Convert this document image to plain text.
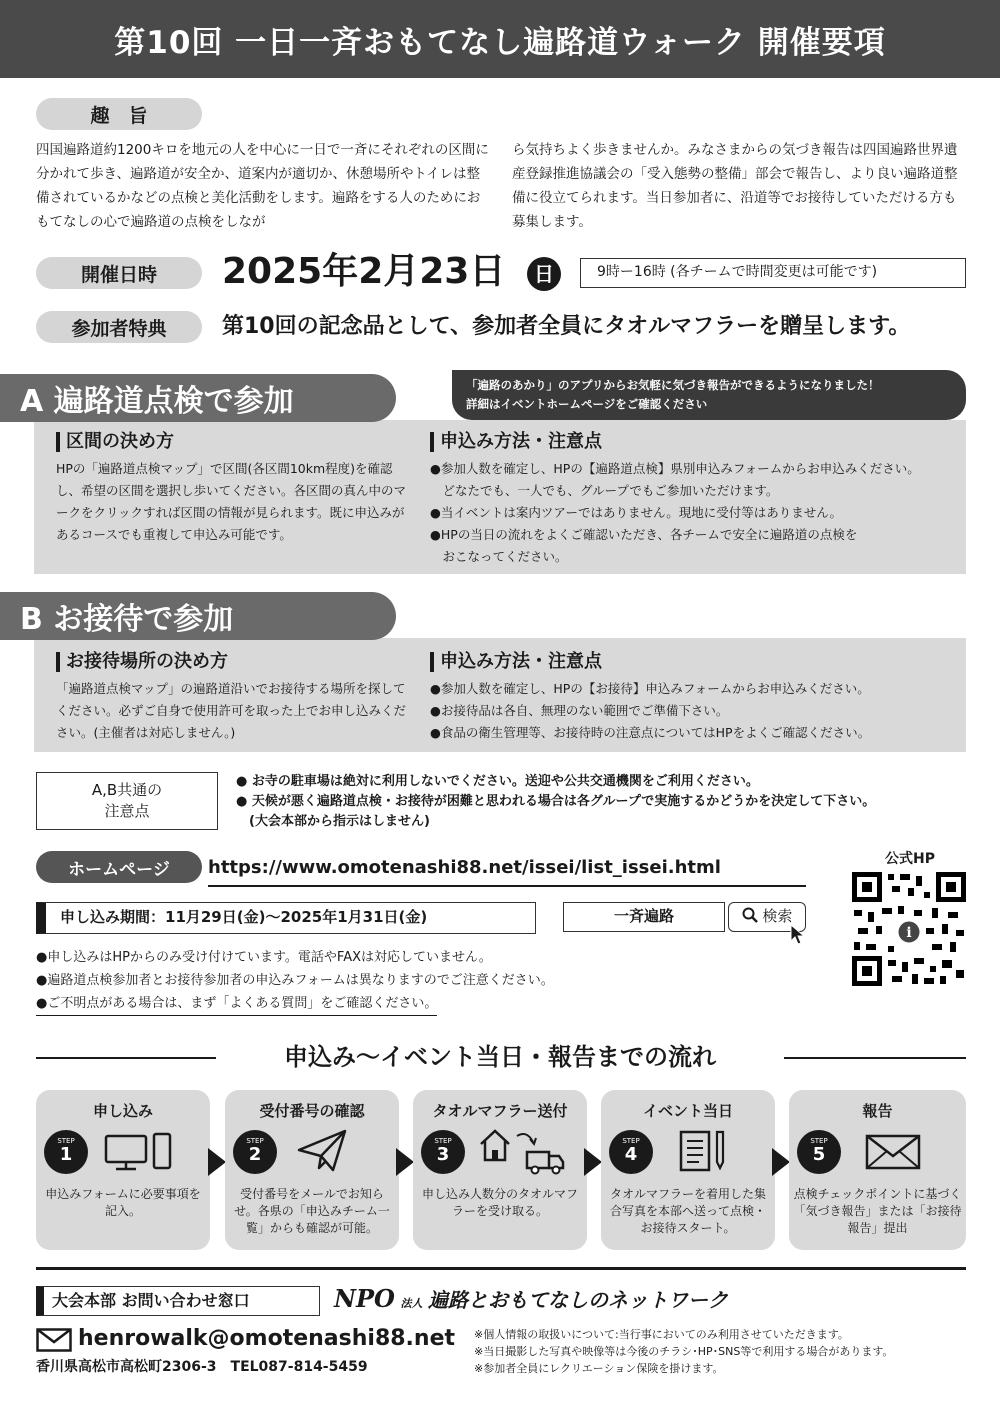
第10回 一日一斉おもてなし遍路道ウォーク 開催要項
趣　旨
四国遍路道約1200キロを地元の人を中心に一日で一斉にそれぞれの区間に分かれて歩き、遍路道が安全か、道案内が適切か、休憩場所やトイレは整備されているかなどの点検と美化活動をします。遍路をする人のためにおもてなしの心で遍路道の点検をしなが
ら気持ちよく歩きませんか。みなさまからの気づき報告は四国遍路世界遺産登録推進協議会の「受入態勢の整備」部会で報告し、より良い遍路道整備に役立てられます。当日参加者に、沿道等でお接待していただける方も募集します。
開催日時	2025年2月23日	日	9時ー16時 (各チームで時間変更は可能です)
参加者特典	第10回の記念品として、参加者全員にタオルマフラーを贈呈します。
A 遍路道点検で参加	「遍路のあかり」のアプリからお気軽に気づき報告ができるようになりました！
詳細はイベントホームページをご確認ください
区間の決め方
HPの「遍路道点検マップ」で区間(各区間10km程度)を確認し、希望の区間を選択し歩いてください。各区間の真ん中のマークをクリックすれば区間の情報が見られます。既に申込みがあるコースでも重複して申込み可能です。
申込み方法・注意点
●参加人数を確定し、HPの【遍路道点検】県別申込みフォームからお申込みください。
　どなたでも、一人でも、グループでもご参加いただけます。
●当イベントは案内ツアーではありません。現地に受付等はありません。
●HPの当日の流れをよくご確認いただき、各チームで安全に遍路道の点検を
　おこなってください。
B お接待で参加
お接待場所の決め方
「遍路道点検マップ」の遍路道沿いでお接待する場所を探してください。必ずご自身で使用許可を取った上でお申し込みください。(主催者は対応しません。)
申込み方法・注意点
●参加人数を確定し、HPの【お接待】申込みフォームからお申込みください。
●お接待品は各自、無理のない範囲でご準備下さい。
●食品の衛生管理等、お接待時の注意点についてはHPをよくご確認ください。
A,B共通の
注意点
● お寺の駐車場は絶対に利用しないでください。送迎や公共交通機関をご利用ください。
● 天候が悪く遍路道点検・お接待が困難と思われる場合は各グループで実施するかどうかを決定して下さい。
　(大会本部から指示はしません)
ホームページ	https://www.omotenashi88.net/issei/list_issei.html	公式HP
i
申し込み期間：11月29日(金)〜2025年1月31日(金)	一斉遍路	検索
●申し込みはHPからのみ受け付けています。電話やFAXは対応していません。
●遍路道点検参加者とお接待参加者の申込みフォームは異なりますのでご注意ください。
●ご不明点がある場合は、まず「よくある質問」をご確認ください。
申込み〜イベント当日・報告までの流れ
申し込み
STEP
1
申込みフォームに必要事項を記入。
受付番号の確認
STEP
2
受付番号をメールでお知らせ。各県の「申込みチーム一覧」からも確認が可能。
タオルマフラー送付
STEP
3
申し込み人数分のタオルマフラーを受け取る。
イベント当日
STEP
4
タオルマフラーを着用した集合写真を本部へ送って点検・お接待スタート。
報告
STEP
5
点検チェックポイントに基づく「気づき報告」または「お接待報告」提出
大会本部 お問い合わせ窓口	NPO 法人 遍路とおもてなしのネットワーク
henrowalk@omotenashi88.net
香川県高松市高松町2306-3　TEL087-814-5459
※個人情報の取扱いについて:当行事においてのみ利用させていただきます。
※当日撮影した写真や映像等は今後のチラシ･HP･SNS等で利用する場合があります。
※参加者全員にレクリエーション保険を掛けます。
